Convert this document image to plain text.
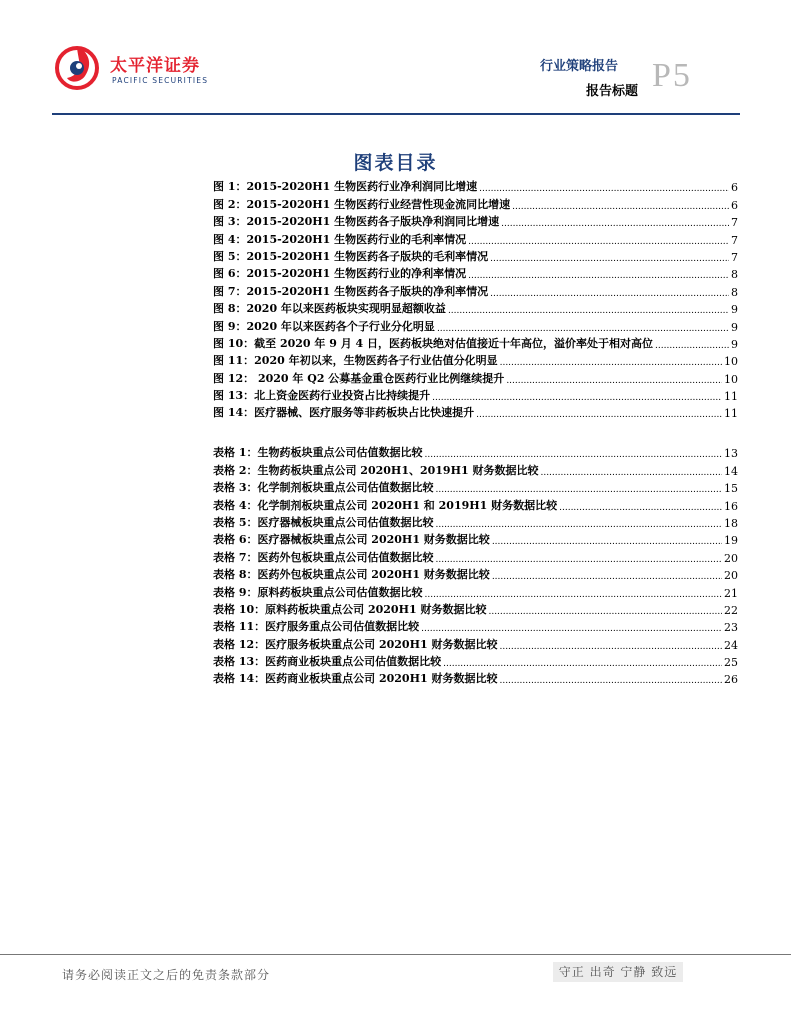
太平洋证券
PACIFIC SECURITIES
行业策略报告
报告标题 P5
图表目录
图 1：2015-2020H1 生物医药行业净利润同比增速 .....	6
图 2：2015-2020H1 生物医药行业经营性现金流同比增速 .....	6
图 3：2015-2020H1 生物医药各子版块净利润同比增速 .....	7
图 4：2015-2020H1 生物医药行业的毛利率情况 .....	7
图 5：2015-2020H1 生物医药各子版块的毛利率情况 .....	7
图 6：2015-2020H1 生物医药行业的净利率情况 .....	8
图 7：2015-2020H1 生物医药各子版块的净利率情况 .....	8
图 8：2020 年以来医药板块实现明显超额收益 .....	9
图 9：2020 年以来医药各个子行业分化明显 .....	9
图 10：截至 2020 年 9 月 4 日，医药板块绝对估值接近十年高位，溢价率处于相对高位 .....	9
图 11：2020 年初以来，生物医药各子行业估值分化明显 .....	10
图 12： 2020 年 Q2 公募基金重仓医药行业比例继续提升 .....	10
图 13：北上资金医药行业投资占比持续提升 .....	11
图 14：医疗器械、医疗服务等非药板块占比快速提升 .....	11
表格 1：生物药板块重点公司估值数据比较 .....	13
表格 2：生物药板块重点公司 2020H1、2019H1 财务数据比较 .....	14
表格 3：化学制剂板块重点公司估值数据比较 .....	15
表格 4：化学制剂板块重点公司 2020H1 和 2019H1 财务数据比较 .....	16
表格 5：医疗器械板块重点公司估值数据比较 .....	18
表格 6：医疗器械板块重点公司 2020H1 财务数据比较 .....	19
表格 7：医药外包板块重点公司估值数据比较 .....	20
表格 8：医药外包板块重点公司 2020H1 财务数据比较 .....	20
表格 9：原料药板块重点公司估值数据比较 .....	21
表格 10：原料药板块重点公司 2020H1 财务数据比较 .....	22
表格 11：医疗服务重点公司估值数据比较 .....	23
表格 12：医疗服务板块重点公司 2020H1 财务数据比较 .....	24
表格 13：医药商业板块重点公司估值数据比较 .....	25
表格 14：医药商业板块重点公司 2020H1 财务数据比较 .....	26
请务必阅读正文之后的免责条款部分	守正 出奇 宁静 致远
